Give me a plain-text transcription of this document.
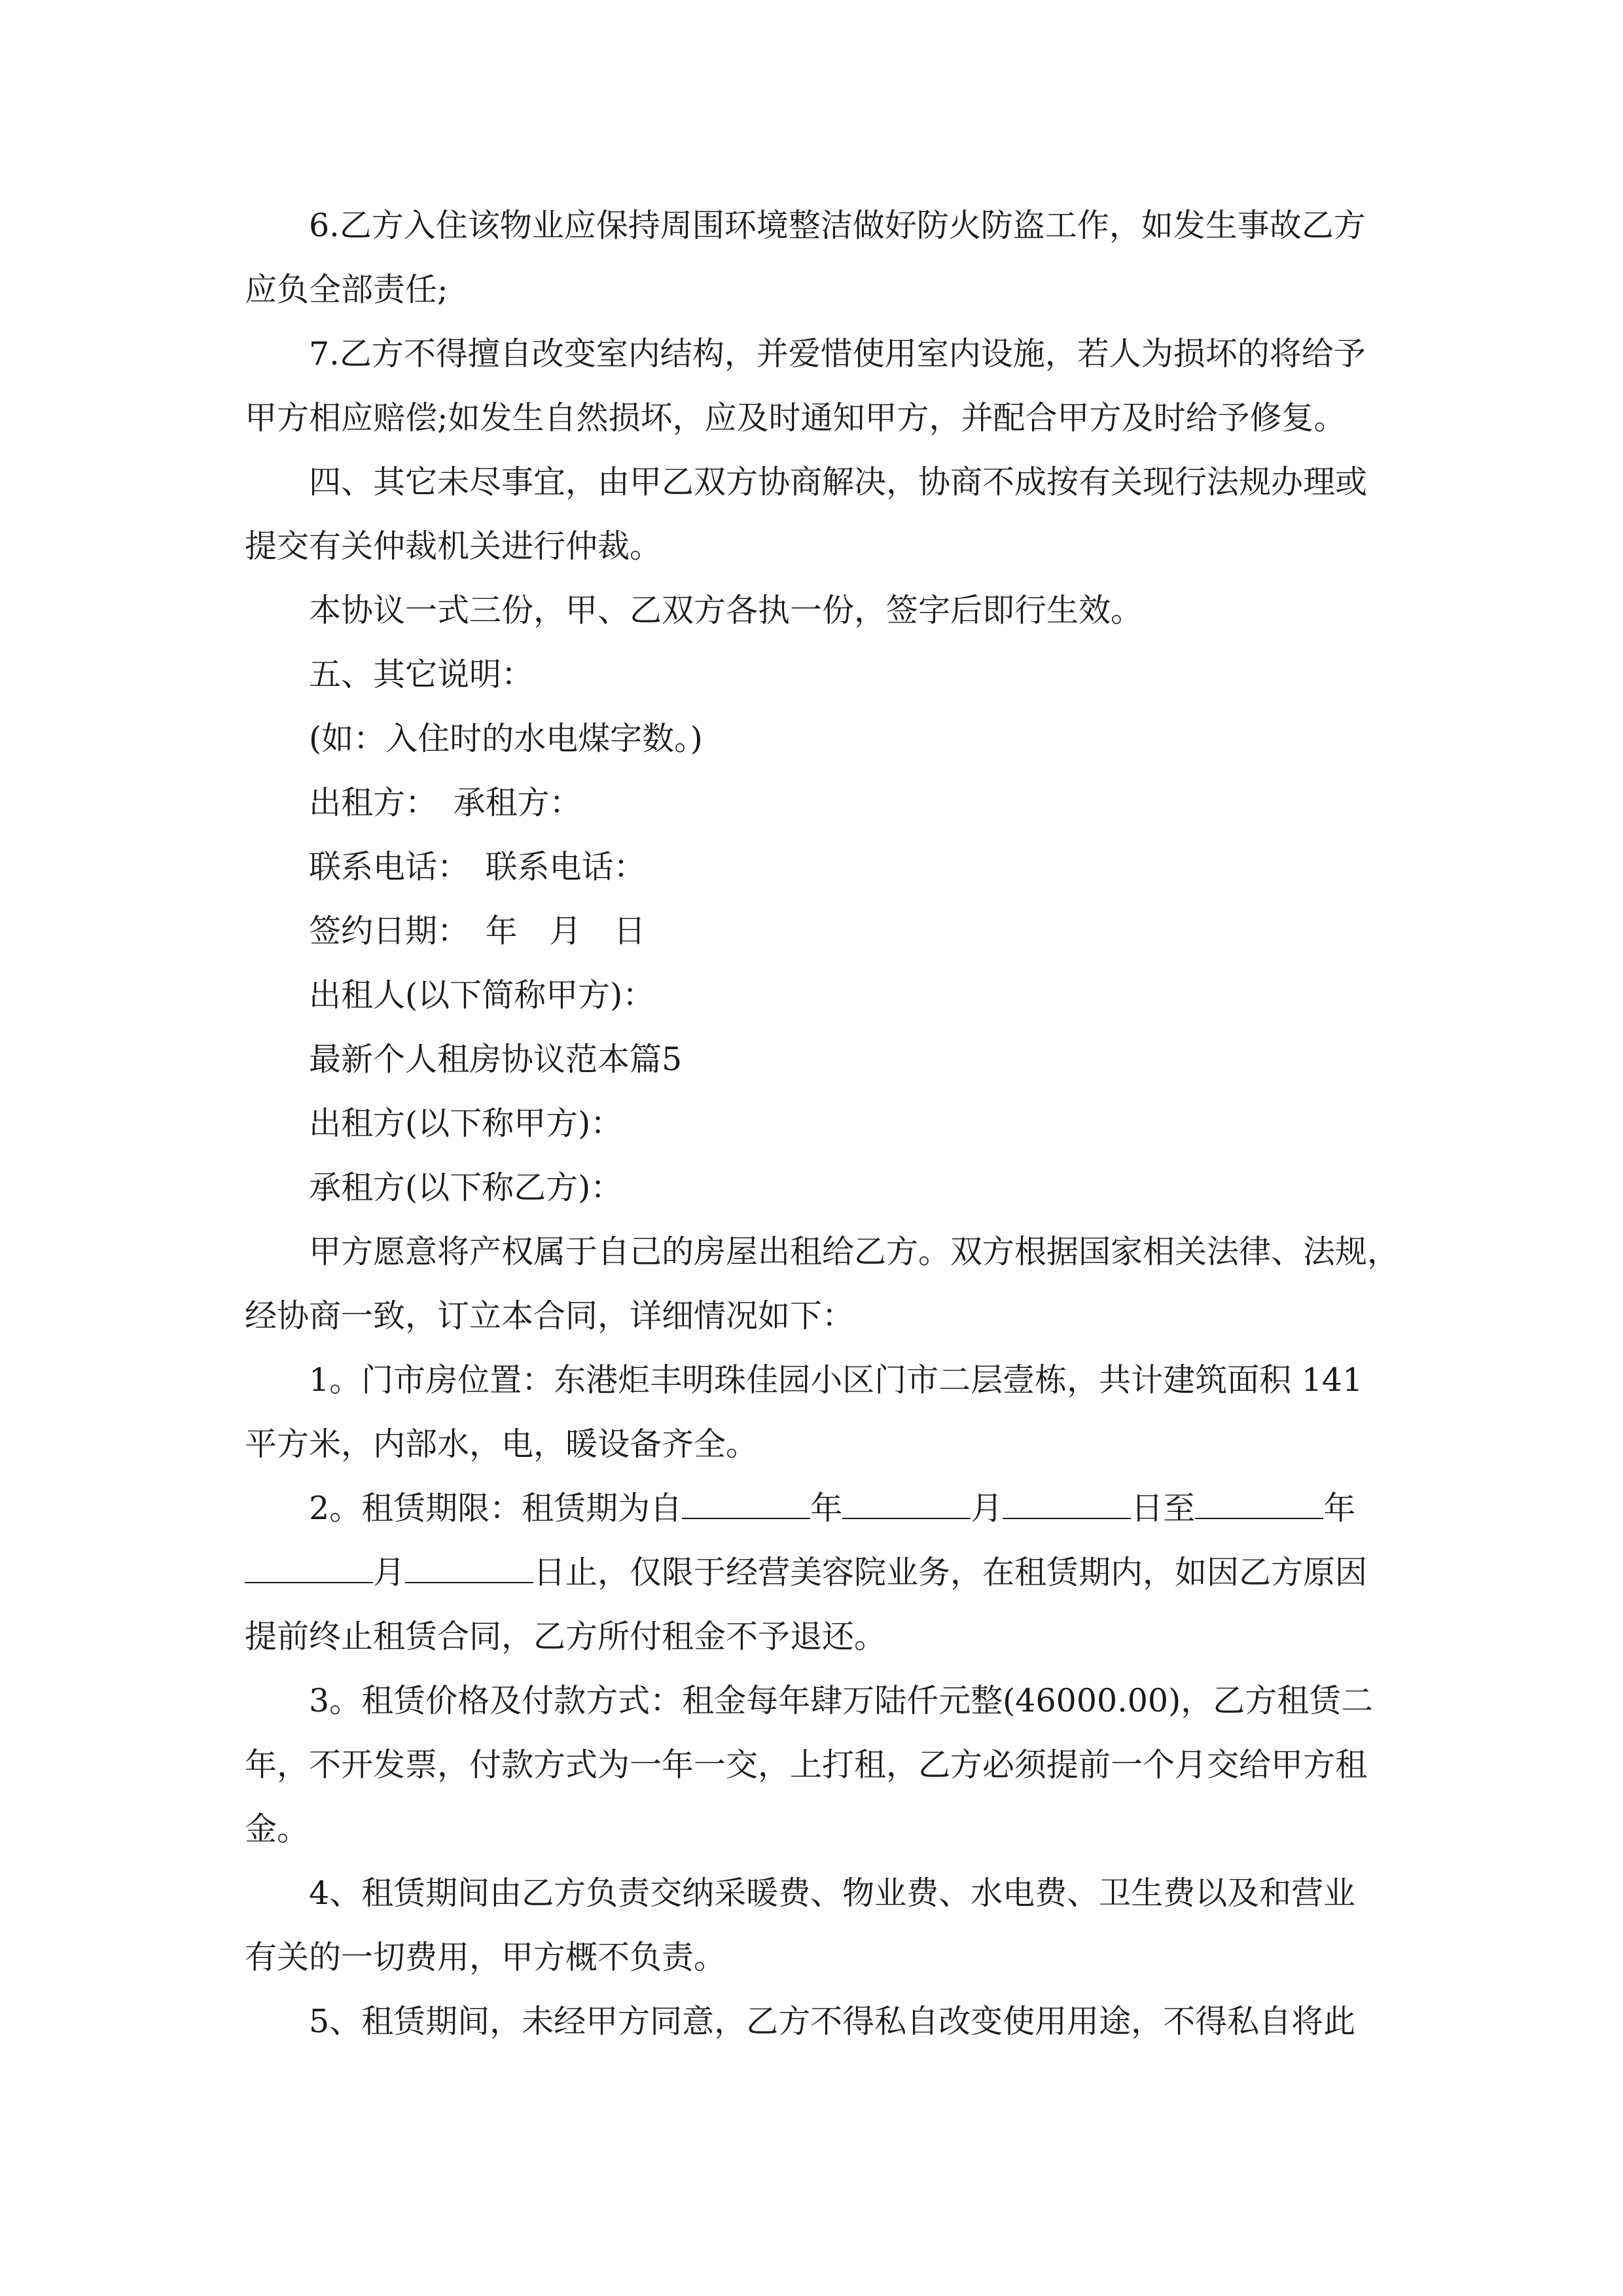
6.乙方入住该物业应保持周围环境整洁做好防火防盗工作，如发生事故乙方
应负全部责任;
7.乙方不得擅自改变室内结构，并爱惜使用室内设施，若人为损坏的将给予
甲方相应赔偿;如发生自然损坏，应及时通知甲方，并配合甲方及时给予修复。
四、其它未尽事宜，由甲乙双方协商解决，协商不成按有关现行法规办理或
提交有关仲裁机关进行仲裁。
本协议一式三份，甲、乙双方各执一份，签字后即行生效。
五、其它说明：
(如：入住时的水电煤字数。)
出租方：　承租方：
联系电话：　联系电话：
签约日期：　年　月　日
出租人(以下简称甲方)：
最新个人租房协议范本篇5
出租方(以下称甲方)：
承租方(以下称乙方)：
甲方愿意将产权属于自己的房屋出租给乙方。双方根据国家相关法律、法规，
经协商一致，订立本合同，详细情况如下：
1。门市房位置：东港炬丰明珠佳园小区门市二层壹栋，共计建筑面积 141
平方米，内部水，电，暖设备齐全。
2。租赁期限：租赁期为自	年	月	日至	年
月	日止，仅限于经营美容院业务，在租赁期内，如因乙方原因
提前终止租赁合同，乙方所付租金不予退还。
3。租赁价格及付款方式：租金每年肆万陆仟元整(46000.00)，乙方租赁二
年，不开发票，付款方式为一年一交，上打租，乙方必须提前一个月交给甲方租
金。
4、租赁期间由乙方负责交纳采暖费、物业费、水电费、卫生费以及和营业
有关的一切费用，甲方概不负责。
5、租赁期间，未经甲方同意，乙方不得私自改变使用用途，不得私自将此
